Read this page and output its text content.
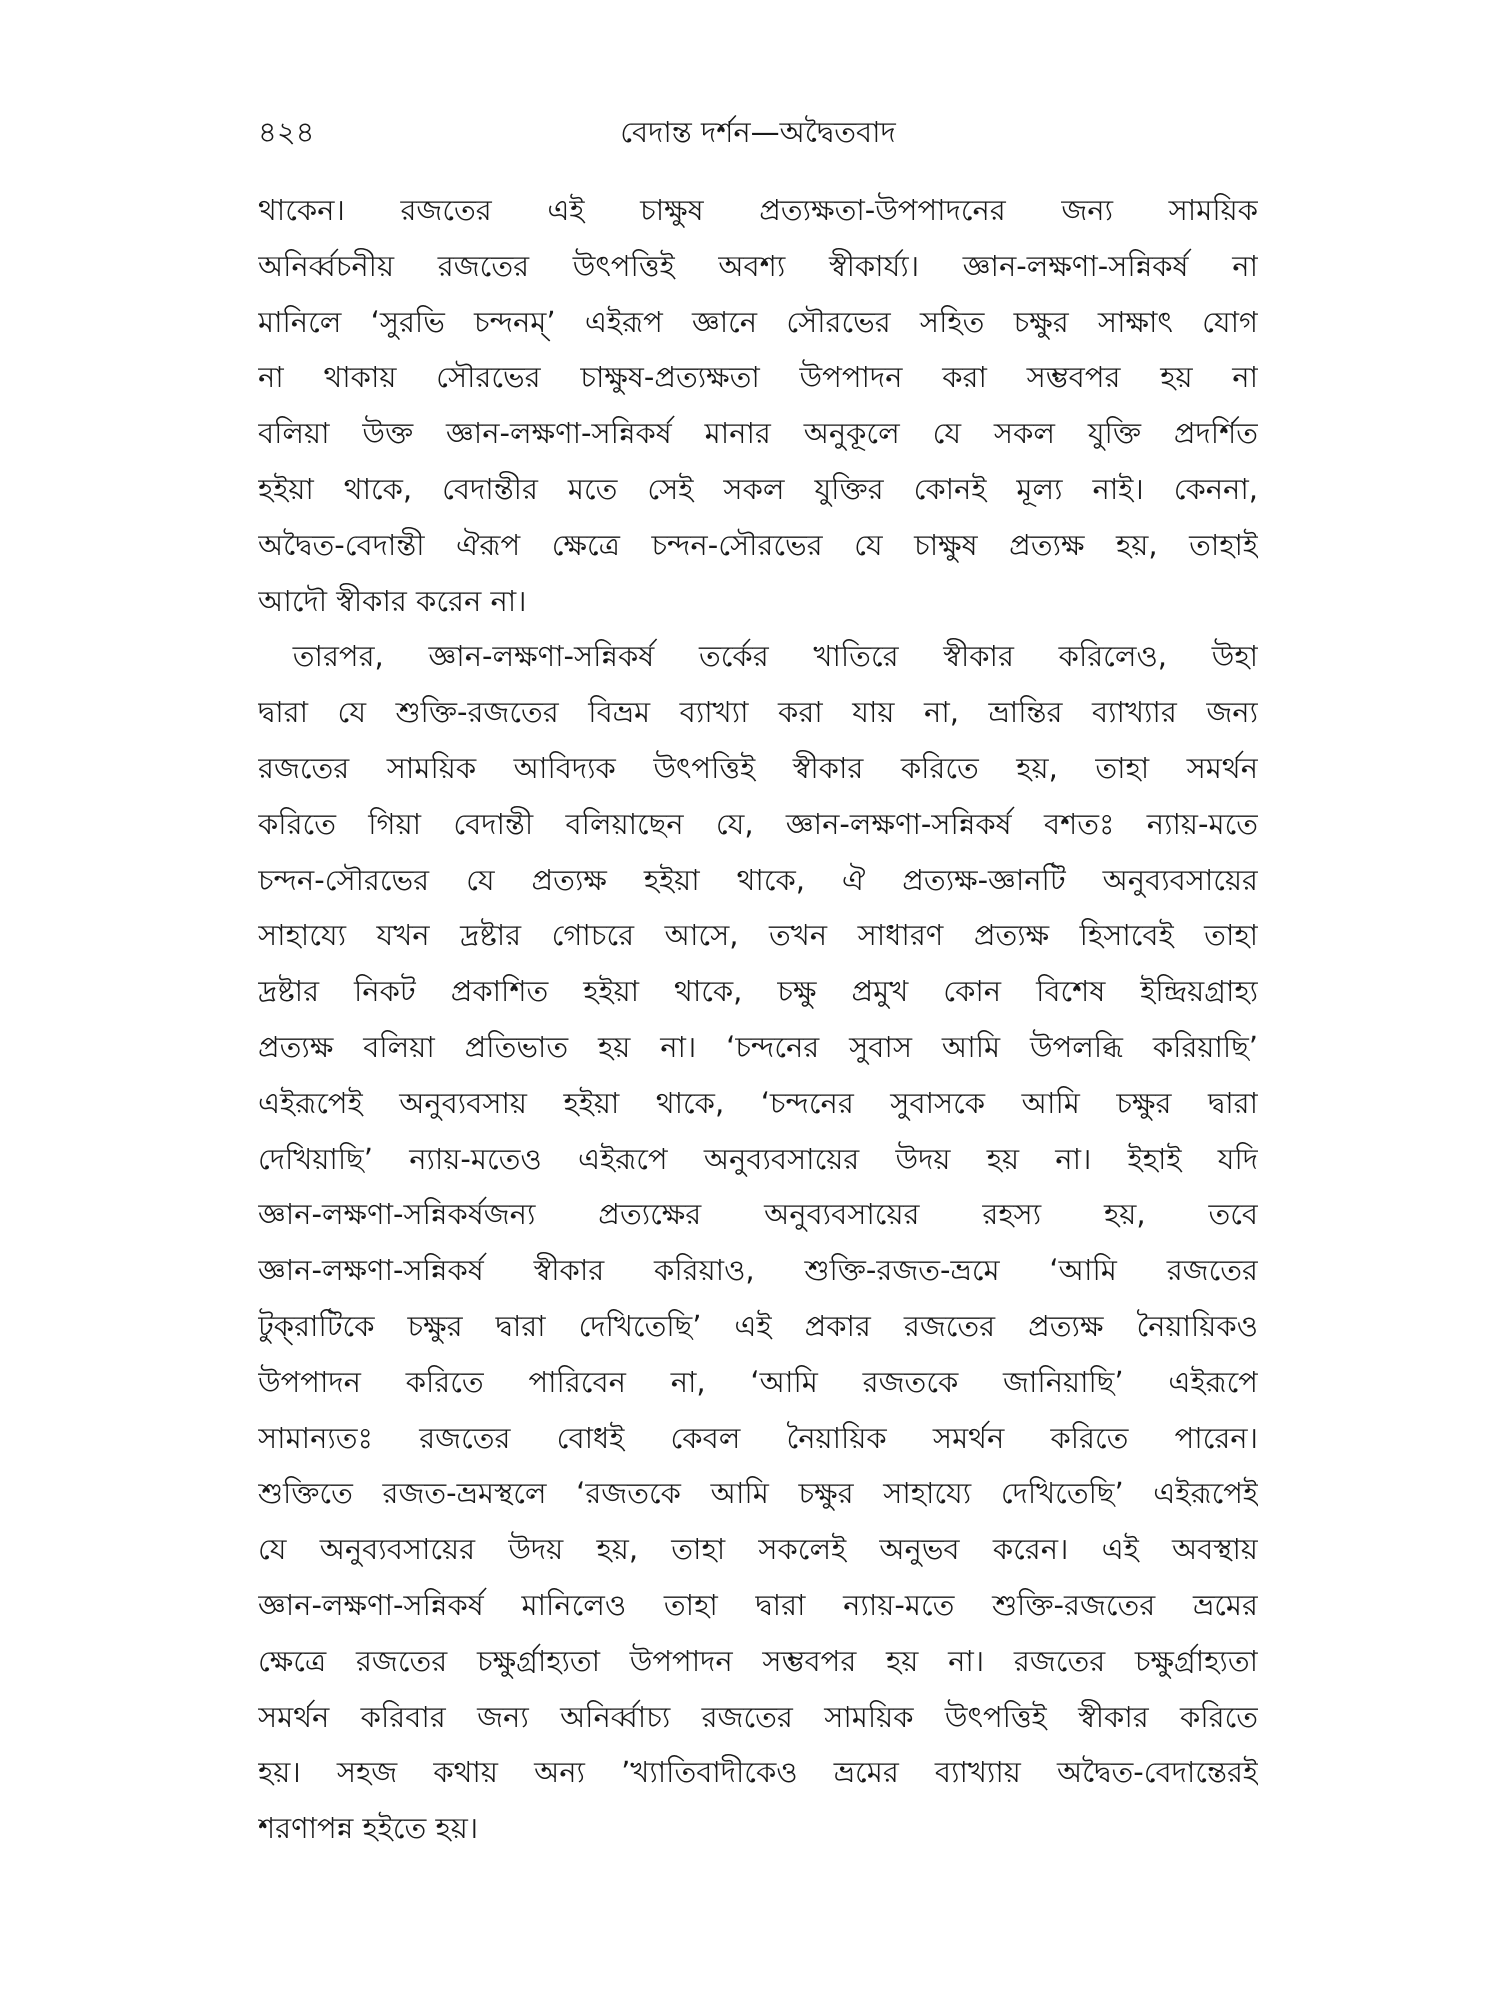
৪২৪	বেদান্ত দর্শন—অদ্বৈতবাদ
থাকেন। রজতের এই চাক্ষুষ প্রত্যক্ষতা-উপপাদনের জন্য সাময়িক
অনির্ব্বচনীয় রজতের উৎপত্তিই অবশ্য স্বীকার্য্য। জ্ঞান-লক্ষণা-সন্নিকর্ষ না
মানিলে ‘সুরভি চন্দনম্’ এইরূপ জ্ঞানে সৌরভের সহিত চক্ষুর সাক্ষাৎ যোগ
না থাকায় সৌরভের চাক্ষুষ-প্রত্যক্ষতা উপপাদন করা সম্ভবপর হয় না
বলিয়া উক্ত জ্ঞান-লক্ষণা-সন্নিকর্ষ মানার অনুকূলে যে সকল যুক্তি প্রদর্শিত
হইয়া থাকে, বেদান্তীর মতে সেই সকল যুক্তির কোনই মূল্য নাই। কেননা,
অদ্বৈত-বেদান্তী ঐরূপ ক্ষেত্রে চন্দন-সৌরভের যে চাক্ষুষ প্রত্যক্ষ হয়, তাহাই
আদৌ স্বীকার করেন না।
তারপর, জ্ঞান-লক্ষণা-সন্নিকর্ষ তর্কের খাতিরে স্বীকার করিলেও, উহা
দ্বারা যে শুক্তি-রজতের বিভ্রম ব্যাখ্যা করা যায় না, ভ্রান্তির ব্যাখ্যার জন্য
রজতের সাময়িক আবিদ্যক উৎপত্তিই স্বীকার করিতে হয়, তাহা সমর্থন
করিতে গিয়া বেদান্তী বলিয়াছেন যে, জ্ঞান-লক্ষণা-সন্নিকর্ষ বশতঃ ন্যায়-মতে
চন্দন-সৌরভের যে প্রত্যক্ষ হইয়া থাকে, ঐ প্রত্যক্ষ-জ্ঞানটি অনুব্যবসায়ের
সাহায্যে যখন দ্রষ্টার গোচরে আসে, তখন সাধারণ প্রত্যক্ষ হিসাবেই তাহা
দ্রষ্টার নিকট প্রকাশিত হইয়া থাকে, চক্ষু প্রমুখ কোন বিশেষ ইন্দ্রিয়গ্রাহ্য
প্রত্যক্ষ বলিয়া প্রতিভাত হয় না। ‘চন্দনের সুবাস আমি উপলব্ধি করিয়াছি’
এইরূপেই অনুব্যবসায় হইয়া থাকে, ‘চন্দনের সুবাসকে আমি চক্ষুর দ্বারা
দেখিয়াছি’ ন্যায়-মতেও এইরূপে অনুব্যবসায়ের উদয় হয় না। ইহাই যদি
জ্ঞান-লক্ষণা-সন্নিকর্ষজন্য প্রত্যক্ষের অনুব্যবসায়ের রহস্য হয়, তবে
জ্ঞান-লক্ষণা-সন্নিকর্ষ স্বীকার করিয়াও, শুক্তি-রজত-ভ্রমে ‘আমি রজতের
টুক্‌রাটিকে চক্ষুর দ্বারা দেখিতেছি’ এই প্রকার রজতের প্রত্যক্ষ নৈয়ায়িকও
উপপাদন করিতে পারিবেন না, ‘আমি রজতকে জানিয়াছি’ এইরূপে
সামান্যতঃ রজতের বোধই কেবল নৈয়ায়িক সমর্থন করিতে পারেন।
শুক্তিতে রজত-ভ্রমস্থলে ‘রজতকে আমি চক্ষুর সাহায্যে দেখিতেছি’ এইরূপেই
যে অনুব্যবসায়ের উদয় হয়, তাহা সকলেই অনুভব করেন। এই অবস্থায়
জ্ঞান-লক্ষণা-সন্নিকর্ষ মানিলেও তাহা দ্বারা ন্যায়-মতে শুক্তি-রজতের ভ্রমের
ক্ষেত্রে রজতের চক্ষুর্গ্রাহ্যতা উপপাদন সম্ভবপর হয় না। রজতের চক্ষুর্গ্রাহ্যতা
সমর্থন করিবার জন্য অনির্ব্বাচ্য রজতের সাময়িক উৎপত্তিই স্বীকার করিতে
হয়। সহজ কথায় অন্য ’খ্যাতিবাদীকেও ভ্রমের ব্যাখ্যায় অদ্বৈত-বেদান্তেরই
শরণাপন্ন হইতে হয়।
